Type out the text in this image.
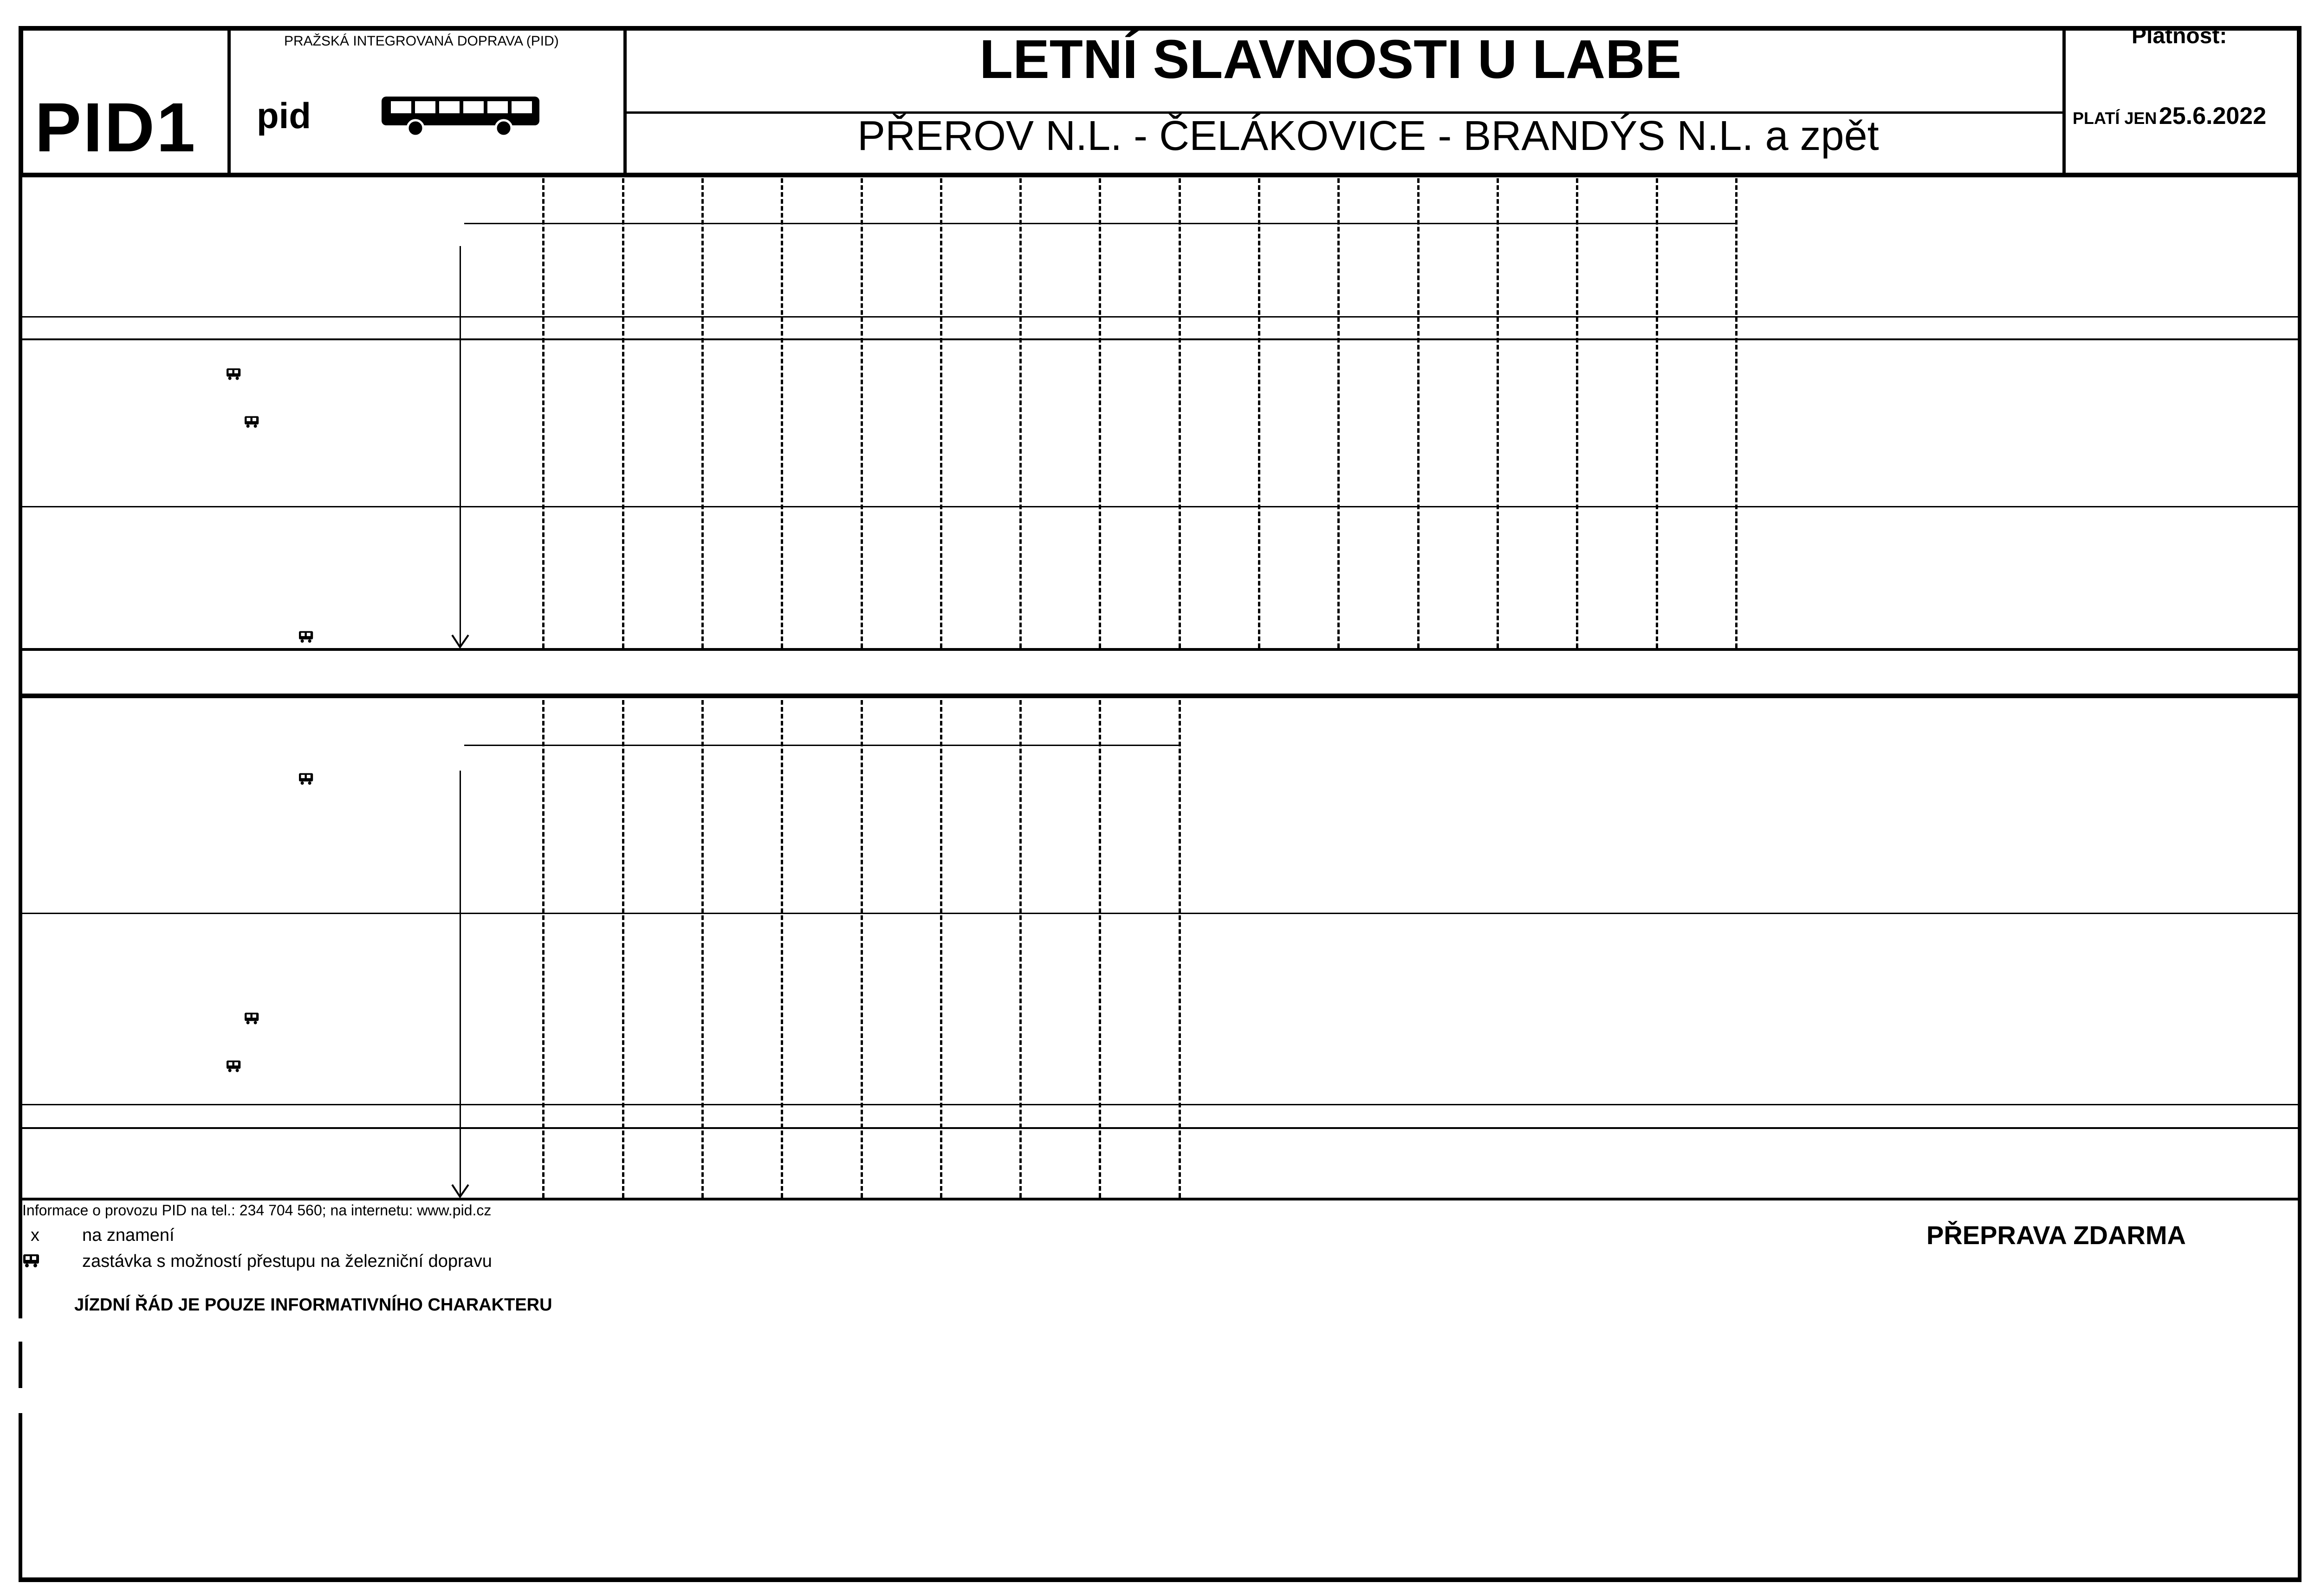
PID1
PRAŽSKÁ INTEGROVANÁ DOPRAVA (PID)
pid
LETNÍ SLAVNOSTI U LABE
PŘEROV N.L. - ČELÁKOVICE - BRANDÝS N.L. a zpět
Platnost:
PLATÍ JEN 25.6.2022
Informace o provozu PID na tel.: 234 704 560; na internetu: www.pid.cz
x na znamení
zastávka s možností přestupu na železniční dopravu
JÍZDNÍ ŘÁD JE POUZE INFORMATIVNÍHO CHARAKTERU
PŘEPRAVA ZDARMA
